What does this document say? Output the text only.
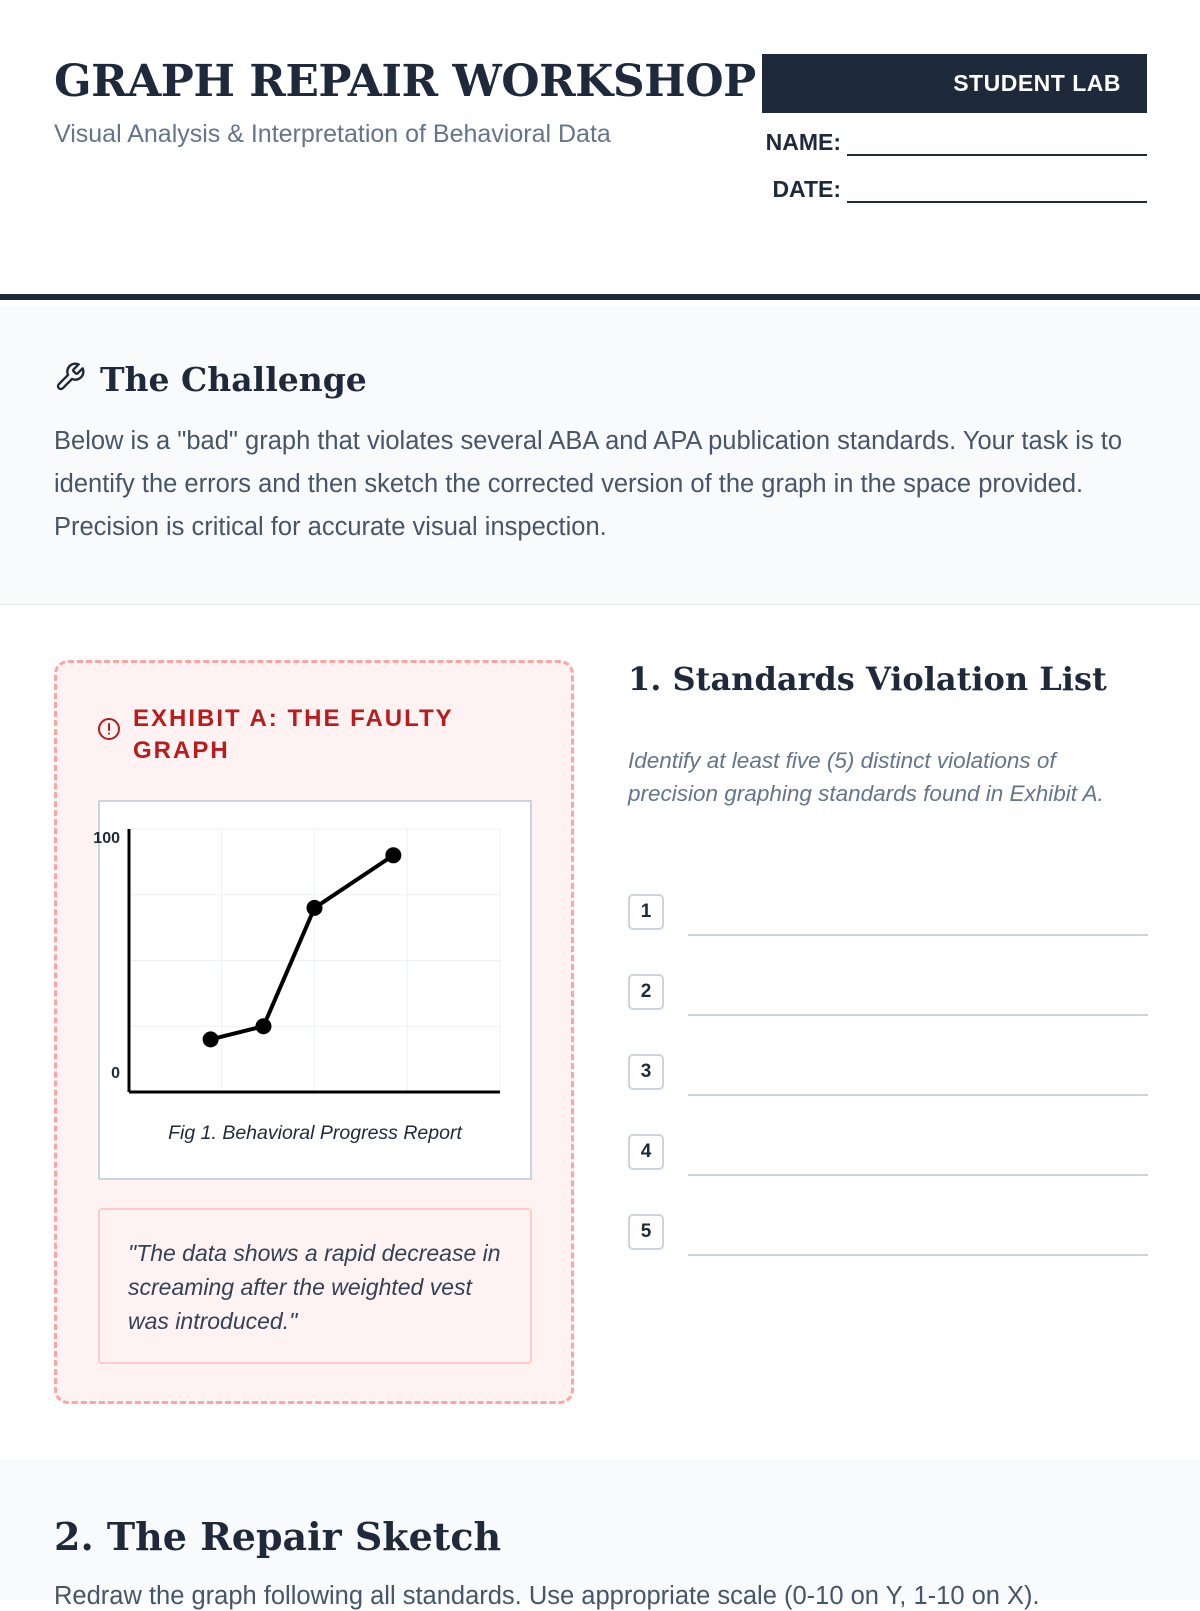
GRAPH REPAIR WORKSHOP
Visual Analysis & Interpretation of Behavioral Data
STUDENT LAB
NAME:
DATE:
The Challenge

Below is a "bad" graph that violates several ABA and APA publication standards. Your task is to identify the errors and then sketch the corrected version of the graph in the space provided. Precision is critical for accurate visual inspection.

EXHIBIT A: THE FAULTY GRAPH
100
0
Fig 1. Behavioral Progress Report
"The data shows a rapid decrease in screaming after the weighted vest was introduced."
1. Standards Violation List

Identify at least five (5) distinct violations of precision graphing standards found in Exhibit A.

1
2
3
4
5
2. The Repair Sketch

Redraw the graph following all standards. Use appropriate scale (0-10 on Y, 1-10 on X).
